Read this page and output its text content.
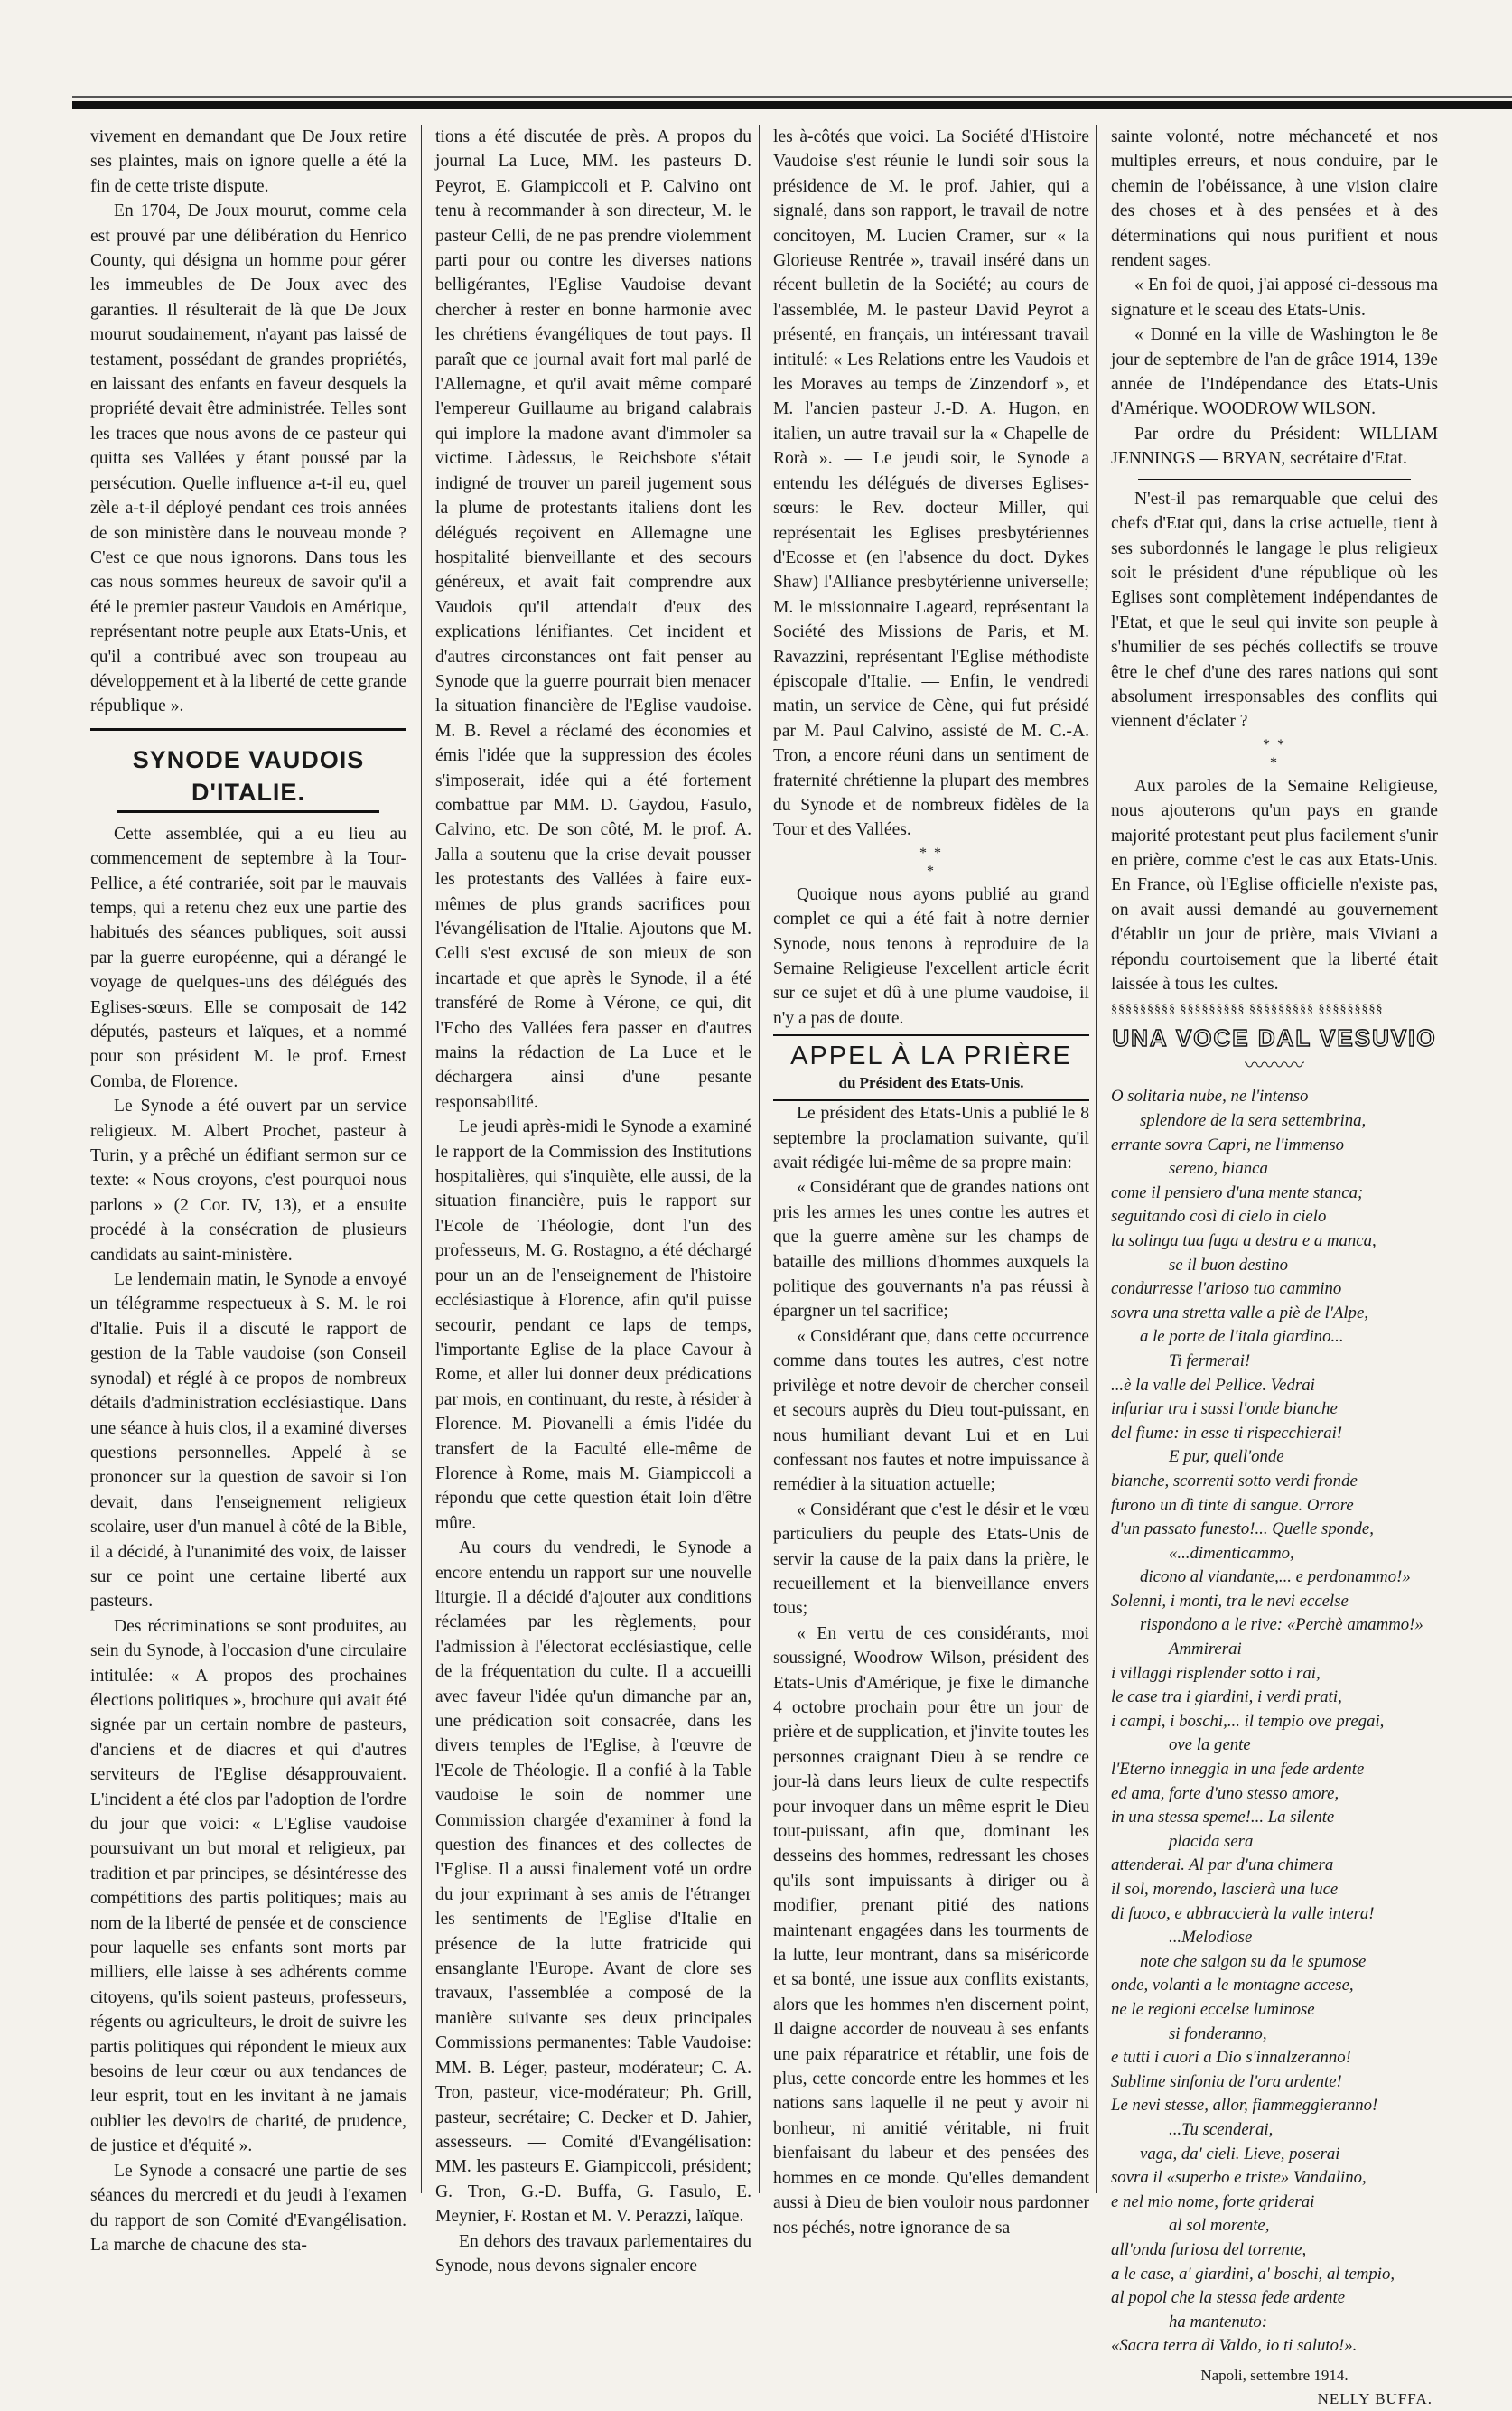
vivement en demandant que De Joux retire ses plaintes, mais on ignore quelle a été la fin de cette triste dispute.

En 1704, De Joux mourut, comme cela est prouvé par une délibération du Henrico County, qui désigna un homme pour gérer les immeubles de De Joux avec des garanties. Il résulterait de là que De Joux mourut soudainement, n'ayant pas laissé de testament, possédant de grandes propriétés, en laissant des enfants en faveur desquels la propriété devait être administrée. Telles sont les traces que nous avons de ce pasteur qui quitta ses Vallées y étant poussé par la persécution. Quelle influence a-t-il eu, quel zèle a-t-il déployé pendant ces trois années de son ministère dans le nouveau monde ? C'est ce que nous ignorons. Dans tous les cas nous sommes heureux de savoir qu'il a été le premier pasteur Vaudois en Amérique, représentant notre peuple aux Etats-Unis, et qu'il a contribué avec son troupeau au développement et à la liberté de cette grande république ».

SYNODE VAUDOIS D'ITALIE.

Cette assemblée, qui a eu lieu au commencement de septembre à la Tour-Pellice, a été contrariée, soit par le mauvais temps, qui a retenu chez eux une partie des habitués des séances publiques, soit aussi par la guerre européenne, qui a dérangé le voyage de quelques-uns des délégués des Eglises-sœurs. Elle se composait de 142 députés, pasteurs et laïques, et a nommé pour son président M. le prof. Ernest Comba, de Florence.

Le Synode a été ouvert par un service religieux. M. Albert Prochet, pasteur à Turin, y a prêché un édifiant sermon sur ce texte: « Nous croyons, c'est pourquoi nous parlons » (2 Cor. IV, 13), et a ensuite procédé à la consécration de plusieurs candidats au saint-ministère.

Le lendemain matin, le Synode a envoyé un télégramme respectueux à S. M. le roi d'Italie. Puis il a discuté le rapport de gestion de la Table vaudoise (son Conseil synodal) et réglé à ce propos de nombreux détails d'administration ecclésiastique. Dans une séance à huis clos, il a examiné diverses questions personnelles. Appelé à se prononcer sur la question de savoir si l'on devait, dans l'enseignement religieux scolaire, user d'un manuel à côté de la Bible, il a décidé, à l'unanimité des voix, de laisser sur ce point une certaine liberté aux pasteurs.

Des récriminations se sont produites, au sein du Synode, à l'occasion d'une circulaire intitulée: « A propos des prochaines élections politiques », brochure qui avait été signée par un certain nombre de pasteurs, d'anciens et de diacres et qui d'autres serviteurs de l'Eglise désapprouvaient. L'incident a été clos par l'adoption de l'ordre du jour que voici: « L'Eglise vaudoise poursuivant un but moral et religieux, par tradition et par principes, se désintéresse des compétitions des partis politiques; mais au nom de la liberté de pensée et de conscience pour laquelle ses enfants sont morts par milliers, elle laisse à ses adhérents comme citoyens, qu'ils soient pasteurs, professeurs, régents ou agriculteurs, le droit de suivre les partis politiques qui répondent le mieux aux besoins de leur cœur ou aux tendances de leur esprit, tout en les invitant à ne jamais oublier les devoirs de charité, de prudence, de justice et d'équité ».

Le Synode a consacré une partie de ses séances du mercredi et du jeudi à l'examen du rapport de son Comité d'Evangélisation. La marche de chacune des sta-

tions a été discutée de près. A propos du journal La Luce, MM. les pasteurs D. Peyrot, E. Giampiccoli et P. Calvino ont tenu à recommander à son directeur, M. le pasteur Celli, de ne pas prendre violemment parti pour ou contre les diverses nations belligérantes, l'Eglise Vaudoise devant chercher à rester en bonne harmonie avec les chrétiens évangéliques de tout pays. Il paraît que ce journal avait fort mal parlé de l'Allemagne, et qu'il avait même comparé l'empereur Guillaume au brigand calabrais qui implore la madone avant d'immoler sa victime. Làdessus, le Reichsbote s'était indigné de trouver un pareil jugement sous la plume de protestants italiens dont les délégués reçoivent en Allemagne une hospitalité bienveillante et des secours généreux, et avait fait comprendre aux Vaudois qu'il attendait d'eux des explications lénifiantes. Cet incident et d'autres circonstances ont fait penser au Synode que la guerre pourrait bien menacer la situation financière de l'Eglise vaudoise. M. B. Revel a réclamé des économies et émis l'idée que la suppression des écoles s'imposerait, idée qui a été fortement combattue par MM. D. Gaydou, Fasulo, Calvino, etc. De son côté, M. le prof. A. Jalla a soutenu que la crise devait pousser les protestants des Vallées à faire eux-mêmes de plus grands sacrifices pour l'évangélisation de l'Italie. Ajoutons que M. Celli s'est excusé de son mieux de son incartade et que après le Synode, il a été transféré de Rome à Vérone, ce qui, dit l'Echo des Vallées fera passer en d'autres mains la rédaction de La Luce et le déchargera ainsi d'une pesante responsabilité.

Le jeudi après-midi le Synode a examiné le rapport de la Commission des Institutions hospitalières, qui s'inquiète, elle aussi, de la situation financière, puis le rapport sur l'Ecole de Théologie, dont l'un des professeurs, M. G. Rostagno, a été déchargé pour un an de l'enseignement de l'histoire ecclésiastique à Florence, afin qu'il puisse secourir, pendant ce laps de temps, l'importante Eglise de la place Cavour à Rome, et aller lui donner deux prédications par mois, en continuant, du reste, à résider à Florence. M. Piovanelli a émis l'idée du transfert de la Faculté elle-même de Florence à Rome, mais M. Giampiccoli a répondu que cette question était loin d'être mûre.

Au cours du vendredi, le Synode a encore entendu un rapport sur une nouvelle liturgie. Il a décidé d'ajouter aux conditions réclamées par les règlements, pour l'admission à l'électorat ecclésiastique, celle de la fréquentation du culte. Il a accueilli avec faveur l'idée qu'un dimanche par an, une prédication soit consacrée, dans les divers temples de l'Eglise, à l'œuvre de l'Ecole de Théologie. Il a confié à la Table vaudoise le soin de nommer une Commission chargée d'examiner à fond la question des finances et des collectes de l'Eglise. Il a aussi finalement voté un ordre du jour exprimant à ses amis de l'étranger les sentiments de l'Eglise d'Italie en présence de la lutte fratricide qui ensanglante l'Europe. Avant de clore ses travaux, l'assemblée a composé de la manière suivante ses deux principales Commissions permanentes: Table Vaudoise: MM. B. Léger, pasteur, modérateur; C. A. Tron, pasteur, vice-modérateur; Ph. Grill, pasteur, secrétaire; C. Decker et D. Jahier, assesseurs. — Comité d'Evangélisation: MM. les pasteurs E. Giampiccoli, président; G. Tron, G.-D. Buffa, G. Fasulo, E. Meynier, F. Rostan et M. V. Perazzi, laïque.

En dehors des travaux parlementaires du Synode, nous devons signaler encore

les à-côtés que voici. La Société d'Histoire Vaudoise s'est réunie le lundi soir sous la présidence de M. le prof. Jahier, qui a signalé, dans son rapport, le travail de notre concitoyen, M. Lucien Cramer, sur « la Glorieuse Rentrée », travail inséré dans un récent bulletin de la Société; au cours de l'assemblée, M. le pasteur David Peyrot a présenté, en français, un intéressant travail intitulé: « Les Relations entre les Vaudois et les Moraves au temps de Zinzendorf », et M. l'ancien pasteur J.-D. A. Hugon, en italien, un autre travail sur la « Chapelle de Rorà ». — Le jeudi soir, le Synode a entendu les délégués de diverses Eglises-sœurs: le Rev. docteur Miller, qui représentait les Eglises presbytériennes d'Ecosse et (en l'absence du doct. Dykes Shaw) l'Alliance presbytérienne universelle; M. le missionnaire Lageard, représentant la Société des Missions de Paris, et M. Ravazzini, représentant l'Eglise méthodiste épiscopale d'Italie. — Enfin, le vendredi matin, un service de Cène, qui fut présidé par M. Paul Calvino, assisté de M. C.-A. Tron, a encore réuni dans un sentiment de fraternité chrétienne la plupart des membres du Synode et de nombreux fidèles de la Tour et des Vallées.

* *
*

Quoique nous ayons publié au grand complet ce qui a été fait à notre dernier Synode, nous tenons à reproduire de la Semaine Religieuse l'excellent article écrit sur ce sujet et dû à une plume vaudoise, il n'y a pas de doute.

APPEL À LA PRIÈRE
du Président des Etats-Unis.

Le président des Etats-Unis a publié le 8 septembre la proclamation suivante, qu'il avait rédigée lui-même de sa propre main:

« Considérant que de grandes nations ont pris les armes les unes contre les autres et que la guerre amène sur les champs de bataille des millions d'hommes auxquels la politique des gouvernants n'a pas réussi à épargner un tel sacrifice;

« Considérant que, dans cette occurrence comme dans toutes les autres, c'est notre privilège et notre devoir de chercher conseil et secours auprès du Dieu tout-puissant, en nous humiliant devant Lui et en Lui confessant nos fautes et notre impuissance à remédier à la situation actuelle;

« Considérant que c'est le désir et le vœu particuliers du peuple des Etats-Unis de servir la cause de la paix dans la prière, le recueillement et la bienveillance envers tous;

« En vertu de ces considérants, moi soussigné, Woodrow Wilson, président des Etats-Unis d'Amérique, je fixe le dimanche 4 octobre prochain pour être un jour de prière et de supplication, et j'invite toutes les personnes craignant Dieu à se rendre ce jour-là dans leurs lieux de culte respectifs pour invoquer dans un même esprit le Dieu tout-puissant, afin que, dominant les desseins des hommes, redressant les choses qu'ils sont impuissants à diriger ou à modifier, prenant pitié des nations maintenant engagées dans les tourments de la lutte, leur montrant, dans sa miséricorde et sa bonté, une issue aux conflits existants, alors que les hommes n'en discernent point, Il daigne accorder de nouveau à ses enfants une paix réparatrice et rétablir, une fois de plus, cette concorde entre les hommes et les nations sans laquelle il ne peut y avoir ni bonheur, ni amitié véritable, ni fruit bienfaisant du labeur et des pensées des hommes en ce monde. Qu'elles demandent aussi à Dieu de bien vouloir nous pardonner nos péchés, notre ignorance de sa

sainte volonté, notre méchanceté et nos multiples erreurs, et nous conduire, par le chemin de l'obéissance, à une vision claire des choses et à des pensées et à des déterminations qui nous purifient et nous rendent sages.

« En foi de quoi, j'ai apposé ci-dessous ma signature et le sceau des Etats-Unis.

« Donné en la ville de Washington le 8e jour de septembre de l'an de grâce 1914, 139e année de l'Indépendance des Etats-Unis d'Amérique. WOODROW WILSON.

Par ordre du Président: WILLIAM JENNINGS — BRYAN, secrétaire d'Etat.

N'est-il pas remarquable que celui des chefs d'Etat qui, dans la crise actuelle, tient à ses subordonnés le langage le plus religieux soit le président d'une république où les Eglises sont complètement indépendantes de l'Etat, et que le seul qui invite son peuple à s'humilier de ses péchés collectifs se trouve être le chef d'une des rares nations qui sont absolument irresponsables des conflits qui viennent d'éclater ?

* *
*

Aux paroles de la Semaine Religieuse, nous ajouterons qu'un pays en grande majorité protestant peut plus facilement s'unir en prière, comme c'est le cas aux Etats-Unis. En France, où l'Eglise officielle n'existe pas, on avait aussi demandé au gouvernement d'établir un jour de prière, mais Viviani a répondu courtoisement que la liberté était laissée à tous les cultes.

§§§§§§§§§ §§§§§§§§§ §§§§§§§§§ §§§§§§§§§
UNA VOCE DAL VESUVIO
〰〰〰

O solitaria nube, ne l'intenso

splendore de la sera settembrina,

errante sovra Capri, ne l'immenso

sereno, bianca

come il pensiero d'una mente stanca;

seguitando così di cielo in cielo

la solinga tua fuga a destra e a manca,

se il buon destino

condurresse l'arioso tuo cammino

sovra una stretta valle a piè de l'Alpe,

a le porte de l'itala giardino...

Ti fermerai!

...è la valle del Pellice. Vedrai

infuriar tra i sassi l'onde bianche

del fiume: in esse ti rispecchierai!

E pur, quell'onde

bianche, scorrenti sotto verdi fronde

furono un dì tinte di sangue. Orrore

d'un passato funesto!... Quelle sponde,

«...dimenticammo,

dicono al viandante,... e perdonammo!»

Solenni, i monti, tra le nevi eccelse

rispondono a le rive: «Perchè amammo!»

Ammirerai

i villaggi risplender sotto i rai,

le case tra i giardini, i verdi prati,

i campi, i boschi,... il tempio ove pregai,

ove la gente

l'Eterno inneggia in una fede ardente

ed ama, forte d'uno stesso amore,

in una stessa speme!... La silente

placida sera

attenderai. Al par d'una chimera

il sol, morendo, lascierà una luce

di fuoco, e abbraccierà la valle intera!

...Melodiose

note che salgon su da le spumose

onde, volanti a le montagne accese,

ne le regioni eccelse luminose

si fonderanno,

e tutti i cuori a Dio s'innalzeranno!

Sublime sinfonia de l'ora ardente!

Le nevi stesse, allor, fiammeggieranno!

...Tu scenderai,

vaga, da' cieli. Lieve, poserai

sovra il «superbo e triste» Vandalino,

e nel mio nome, forte griderai

al sol morente,

all'onda furiosa del torrente,

a le case, a' giardini, a' boschi, al tempio,

al popol che la stessa fede ardente

ha mantenuto:

«Sacra terra di Valdo, io ti saluto!».

Napoli, settembre 1914.
NELLY BUFFA.
